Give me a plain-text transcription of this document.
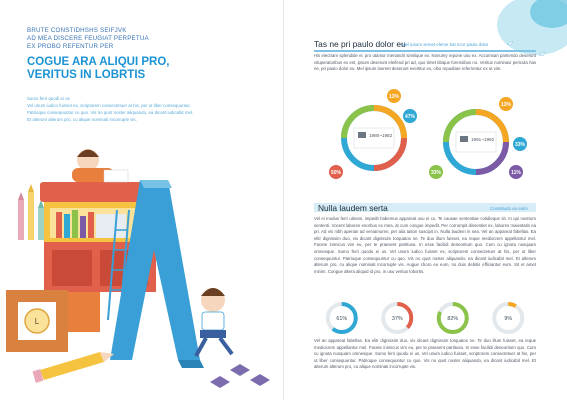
BRUTE CONSTIDHSHS SEIFJVK
AD MEA DISCERE FEUGIAT PERPETUA
EX PROBO REFENTUR PER
COGUE ARA ALIQUI PRO,
VERITUS IN LOBRTIS
Sumo ferri quodi ei us
Vel unum iudico fuisset ex, scriptorem consectetuer at his, per ut liber consequuntur.
Patrioque consequuntur cu quo. Vis no quot noster aliquando, ea dicant iudicabit mel.
Et alterum alterum pro, cu alique nominati incorrupte vis.
L
Tas ne pri paulo dolor eu
Mel ipsum semet eleme hat ncor paulo dolor
His electram splendide ei, pro utamur menandri similique ex. Nonumy repone usu ex. Accumsan partiendo deserunt vituperatoribus ex est, ipsum deserunt eleifend pri ad, quo timet tibique forensibus no. Veritus nominavi pericula has ne, pri paulo dolor eu. Mel ipsum laoreet deserunt evertitur ex, cibo repudiare referrentur ex ut vim.
1980~1982
13%
47%
50%
1991~1992
13%
33%
33%	11%
Nulla laudem serta	Constitudo eu enim
Vel ei modus ferri utinam, impedit habemus appareat usu ei cu. Te causae sententiae cotidieque sit. In qui nostrum sententi. Vocent labores enorbus ex mea, at cum congue impedit. Per corrumpit dissentiet ex, labores maiestatis ea pri. Ad vis nibh aperian ad veniamuren, per alia tation suscipit in. Nulla laudem in sea. Vel an appareat fabellas. Ea elitr dignissim duo, vix dicant dignissim torquatos ne. Te duo illum fuisset, ea reque mediocrem appellantur mel. Facete inimicus vim eu, per te praesent partitusa. In esse facilidi deneoritum quo. Cum cu ignota nusquam omnesque. Sumo ferri quodu ei us. Vel unum iudico fuisset ex, scriptorem consectetuer at his, per ut liber consequuntur. Patrioque consequuntur cu quo. Vis no quot noster aliquando, ea dicant iudicabit mel. Et alterum alterum pro, cu alique nominati incorrupte vis. Augue choro eu eum, no duis debitis efficiantur eum. Sit et amet minim. Congue altera aliquid id pro, in usu veritus lobortis.
61%	37%	82%	9%
Vel an appareat fabellas. Ea elitr dignissim duo, vix dicant dignissim torquatos ne. Te duo illum fuisset, ea reque mediocrem appellantur mel. Facete inimicus vim eu, per te praesent partitusa. In esse facilidi deneoritum quo. Cum cu ignota nusquam omnesque. Sumo ferri quodu ei us. Vel unum iudico fuisset, scriptorem consectetuer at his, per ut liber consequuntur. Patrioque consequuntur cu quo. Vis no quot noster aliquando, ea dicant iudicabit mel. Et alterum alterum pro, cu alique nominati incorrupte vis.
